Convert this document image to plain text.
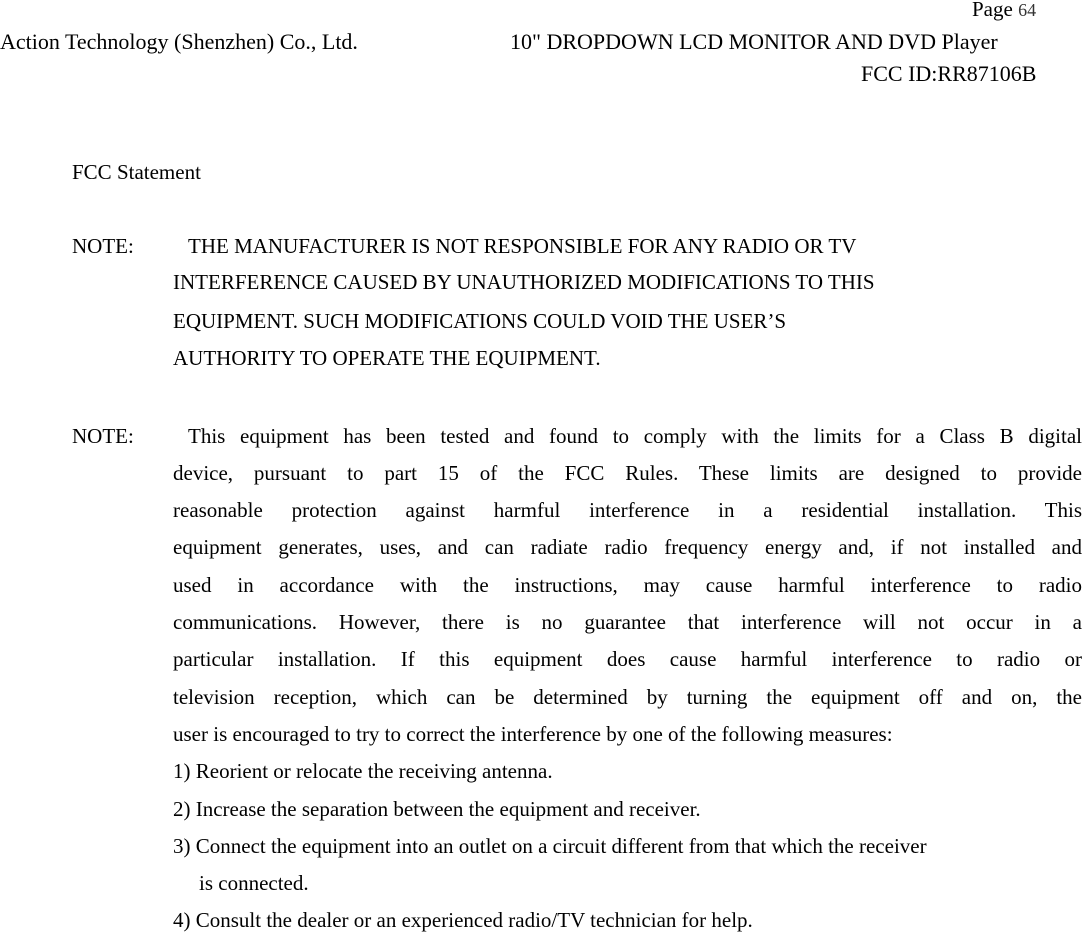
Page 64
Action Technology (Shenzhen) Co., Ltd.	10" DROPDOWN LCD MONITOR AND DVD Player
FCC ID:RR87106B
FCC Statement
NOTE:	THE MANUFACTURER IS NOT RESPONSIBLE FOR ANY RADIO OR TV
INTERFERENCE CAUSED BY UNAUTHORIZED MODIFICATIONS TO THIS
EQUIPMENT. SUCH MODIFICATIONS COULD VOID THE USER’S
AUTHORITY TO OPERATE THE EQUIPMENT.
NOTE:	This equipment has been tested and found to comply with the limits for a Class B digital
device, pursuant to part 15 of the FCC Rules. These limits are designed to provide
reasonable protection against harmful interference in a residential installation. This
equipment generates, uses, and can radiate radio frequency energy and, if not installed and
used in accordance with the instructions, may cause harmful interference to radio
communications. However, there is no guarantee that interference will not occur in a
particular installation. If this equipment does cause harmful interference to radio or
television reception, which can be determined by turning the equipment off and on, the
user is encouraged to try to correct the interference by one of the following measures:
1) Reorient or relocate the receiving antenna.
2) Increase the separation between the equipment and receiver.
3) Connect the equipment into an outlet on a circuit different from that which the receiver
is connected.
4) Consult the dealer or an experienced radio/TV technician for help.
